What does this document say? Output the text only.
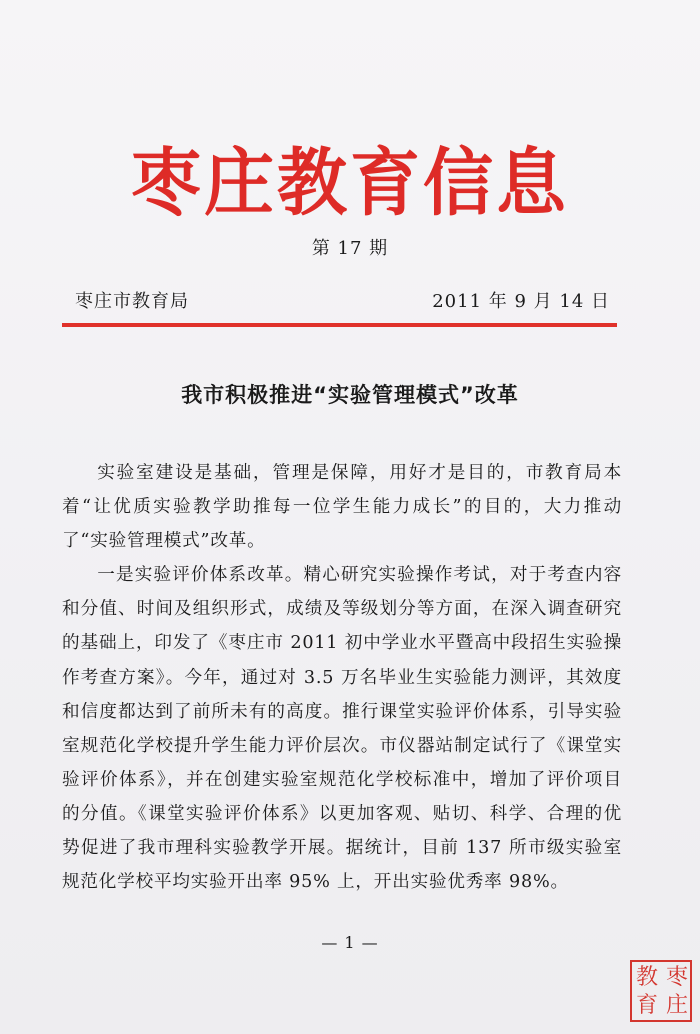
枣庄教育信息
第 17 期
枣庄市教育局	2011 年 9 月 14 日
我市积极推进“实验管理模式”改革

实验室建设是基础，管理是保障，用好才是目的，市教育局本着“让优质实验教学助推每一位学生能力成长”的目的，大力推动了“实验管理模式”改革。

一是实验评价体系改革。精心研究实验操作考试，对于考查内容和分值、时间及组织形式，成绩及等级划分等方面，在深入调查研究的基础上，印发了《枣庄市 2011 初中学业水平暨高中段招生实验操作考查方案》。今年，通过对 3.5 万名毕业生实验能力测评，其效度和信度都达到了前所未有的高度。推行课堂实验评价体系，引导实验室规范化学校提升学生能力评价层次。市仪器站制定试行了《课堂实验评价体系》，并在创建实验室规范化学校标准中，增加了评价项目的分值。《课堂实验评价体系》以更加客观、贴切、科学、合理的优势促进了我市理科实验教学开展。据统计，目前 137 所市级实验室规范化学校平均实验开出率 95% 上，开出实验优秀率 98%。

— 1 —
枣
庄
教
育
